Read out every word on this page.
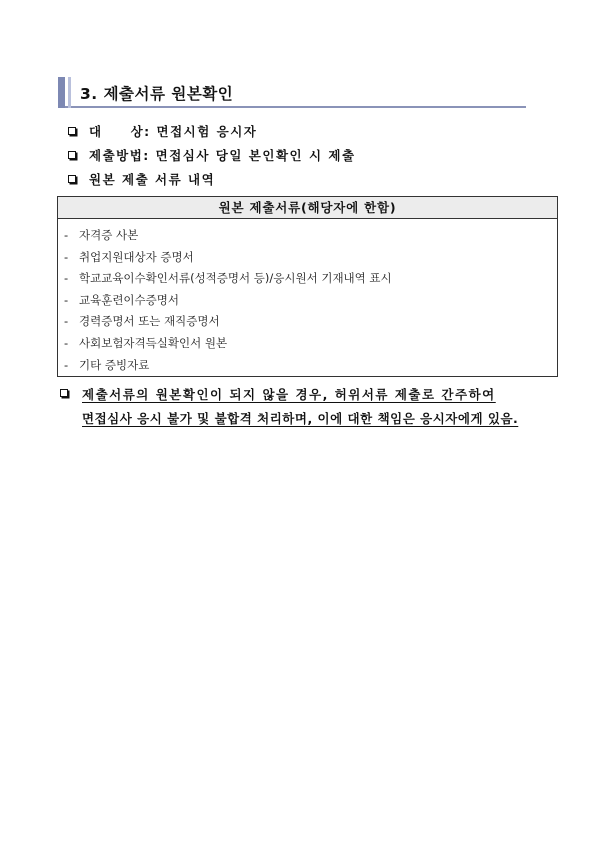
3. 제출서류 원본확인
대　　상: 면접시험 응시자
제출방법: 면접심사 당일 본인확인 시 제출
원본 제출 서류 내역
원본 제출서류(해당자에 한함)
- 자격증 사본
- 취업지원대상자 증명서
- 학교교육이수확인서류(성적증명서 등)/응시원서 기재내역 표시
- 교육훈련이수증명서
- 경력증명서 또는 재직증명서
- 사회보험자격득실확인서 원본
- 기타 증빙자료
제출서류의 원본확인이 되지 않을 경우, 허위서류 제출로 간주하여
면접심사 응시 불가 및 불합격 처리하며, 이에 대한 책임은 응시자에게 있음.
